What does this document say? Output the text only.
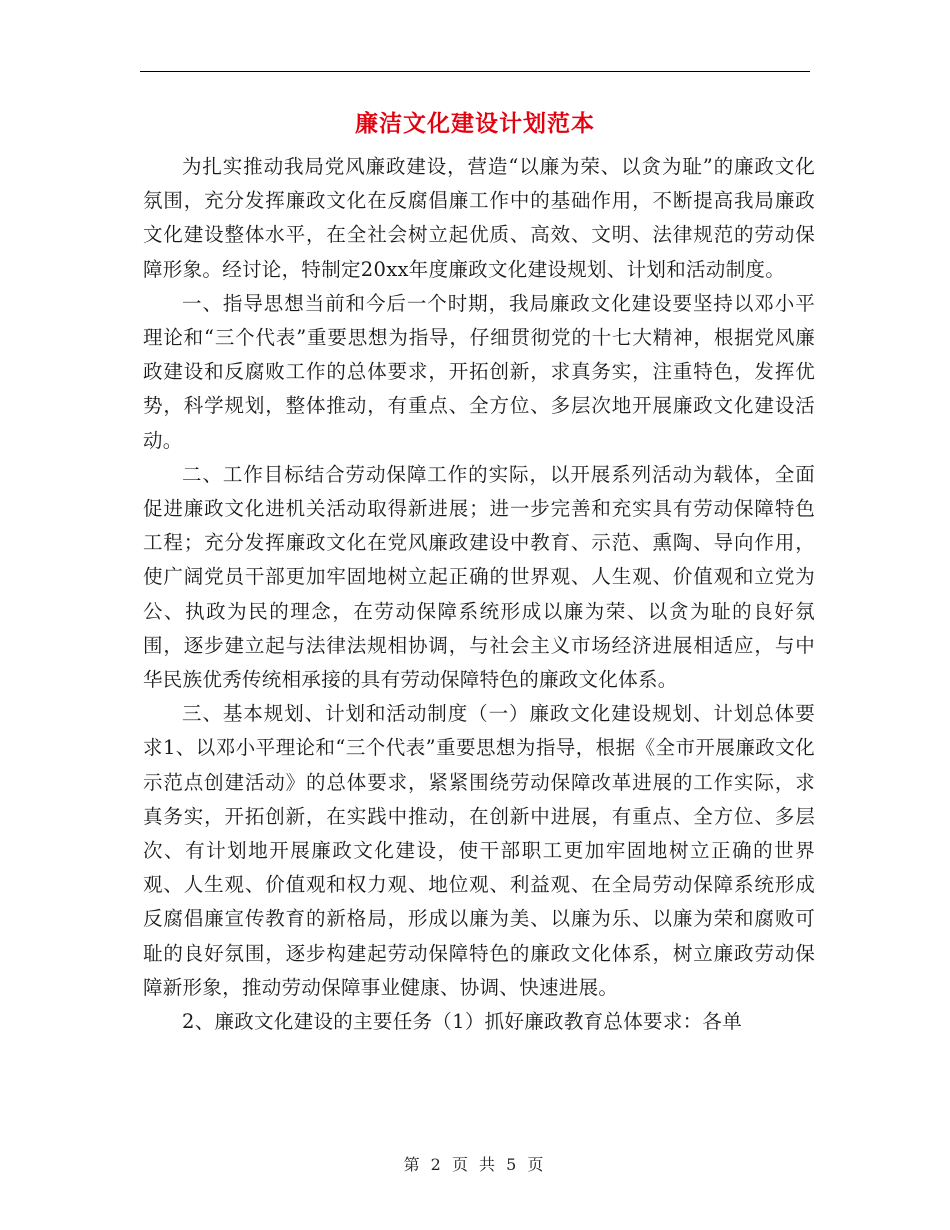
廉洁文化建设计划范本

为扎实推动我局党风廉政建设，营造“以廉为荣、以贪为耻”的廉政文化氛围，充分发挥廉政文化在反腐倡廉工作中的基础作用，不断提高我局廉政文化建设整体水平，在全社会树立起优质、高效、文明、法律规范的劳动保障形象。经讨论，特制定20xx年度廉政文化建设规划、计划和活动制度。

一、指导思想当前和今后一个时期，我局廉政文化建设要坚持以邓小平理论和“三个代表”重要思想为指导，仔细贯彻党的十七大精神，根据党风廉政建设和反腐败工作的总体要求，开拓创新，求真务实，注重特色，发挥优势，科学规划，整体推动，有重点、全方位、多层次地开展廉政文化建设活动。

二、工作目标结合劳动保障工作的实际，以开展系列活动为载体，全面促进廉政文化进机关活动取得新进展；进一步完善和充实具有劳动保障特色工程；充分发挥廉政文化在党风廉政建设中教育、示范、熏陶、导向作用，使广阔党员干部更加牢固地树立起正确的世界观、人生观、价值观和立党为公、执政为民的理念，在劳动保障系统形成以廉为荣、以贪为耻的良好氛围，逐步建立起与法律法规相协调，与社会主义市场经济进展相适应，与中华民族优秀传统相承接的具有劳动保障特色的廉政文化体系。

三、基本规划、计划和活动制度（一）廉政文化建设规划、计划总体要求1、以邓小平理论和“三个代表”重要思想为指导，根据《全市开展廉政文化示范点创建活动》的总体要求，紧紧围绕劳动保障改革进展的工作实际，求真务实，开拓创新，在实践中推动，在创新中进展，有重点、全方位、多层次、有计划地开展廉政文化建设，使干部职工更加牢固地树立正确的世界观、人生观、价值观和权力观、地位观、利益观、在全局劳动保障系统形成反腐倡廉宣传教育的新格局，形成以廉为美、以廉为乐、以廉为荣和腐败可耻的良好氛围，逐步构建起劳动保障特色的廉政文化体系，树立廉政劳动保障新形象，推动劳动保障事业健康、协调、快速进展。

2、廉政文化建设的主要任务（1）抓好廉政教育总体要求：各单

第 2 页 共 5 页
